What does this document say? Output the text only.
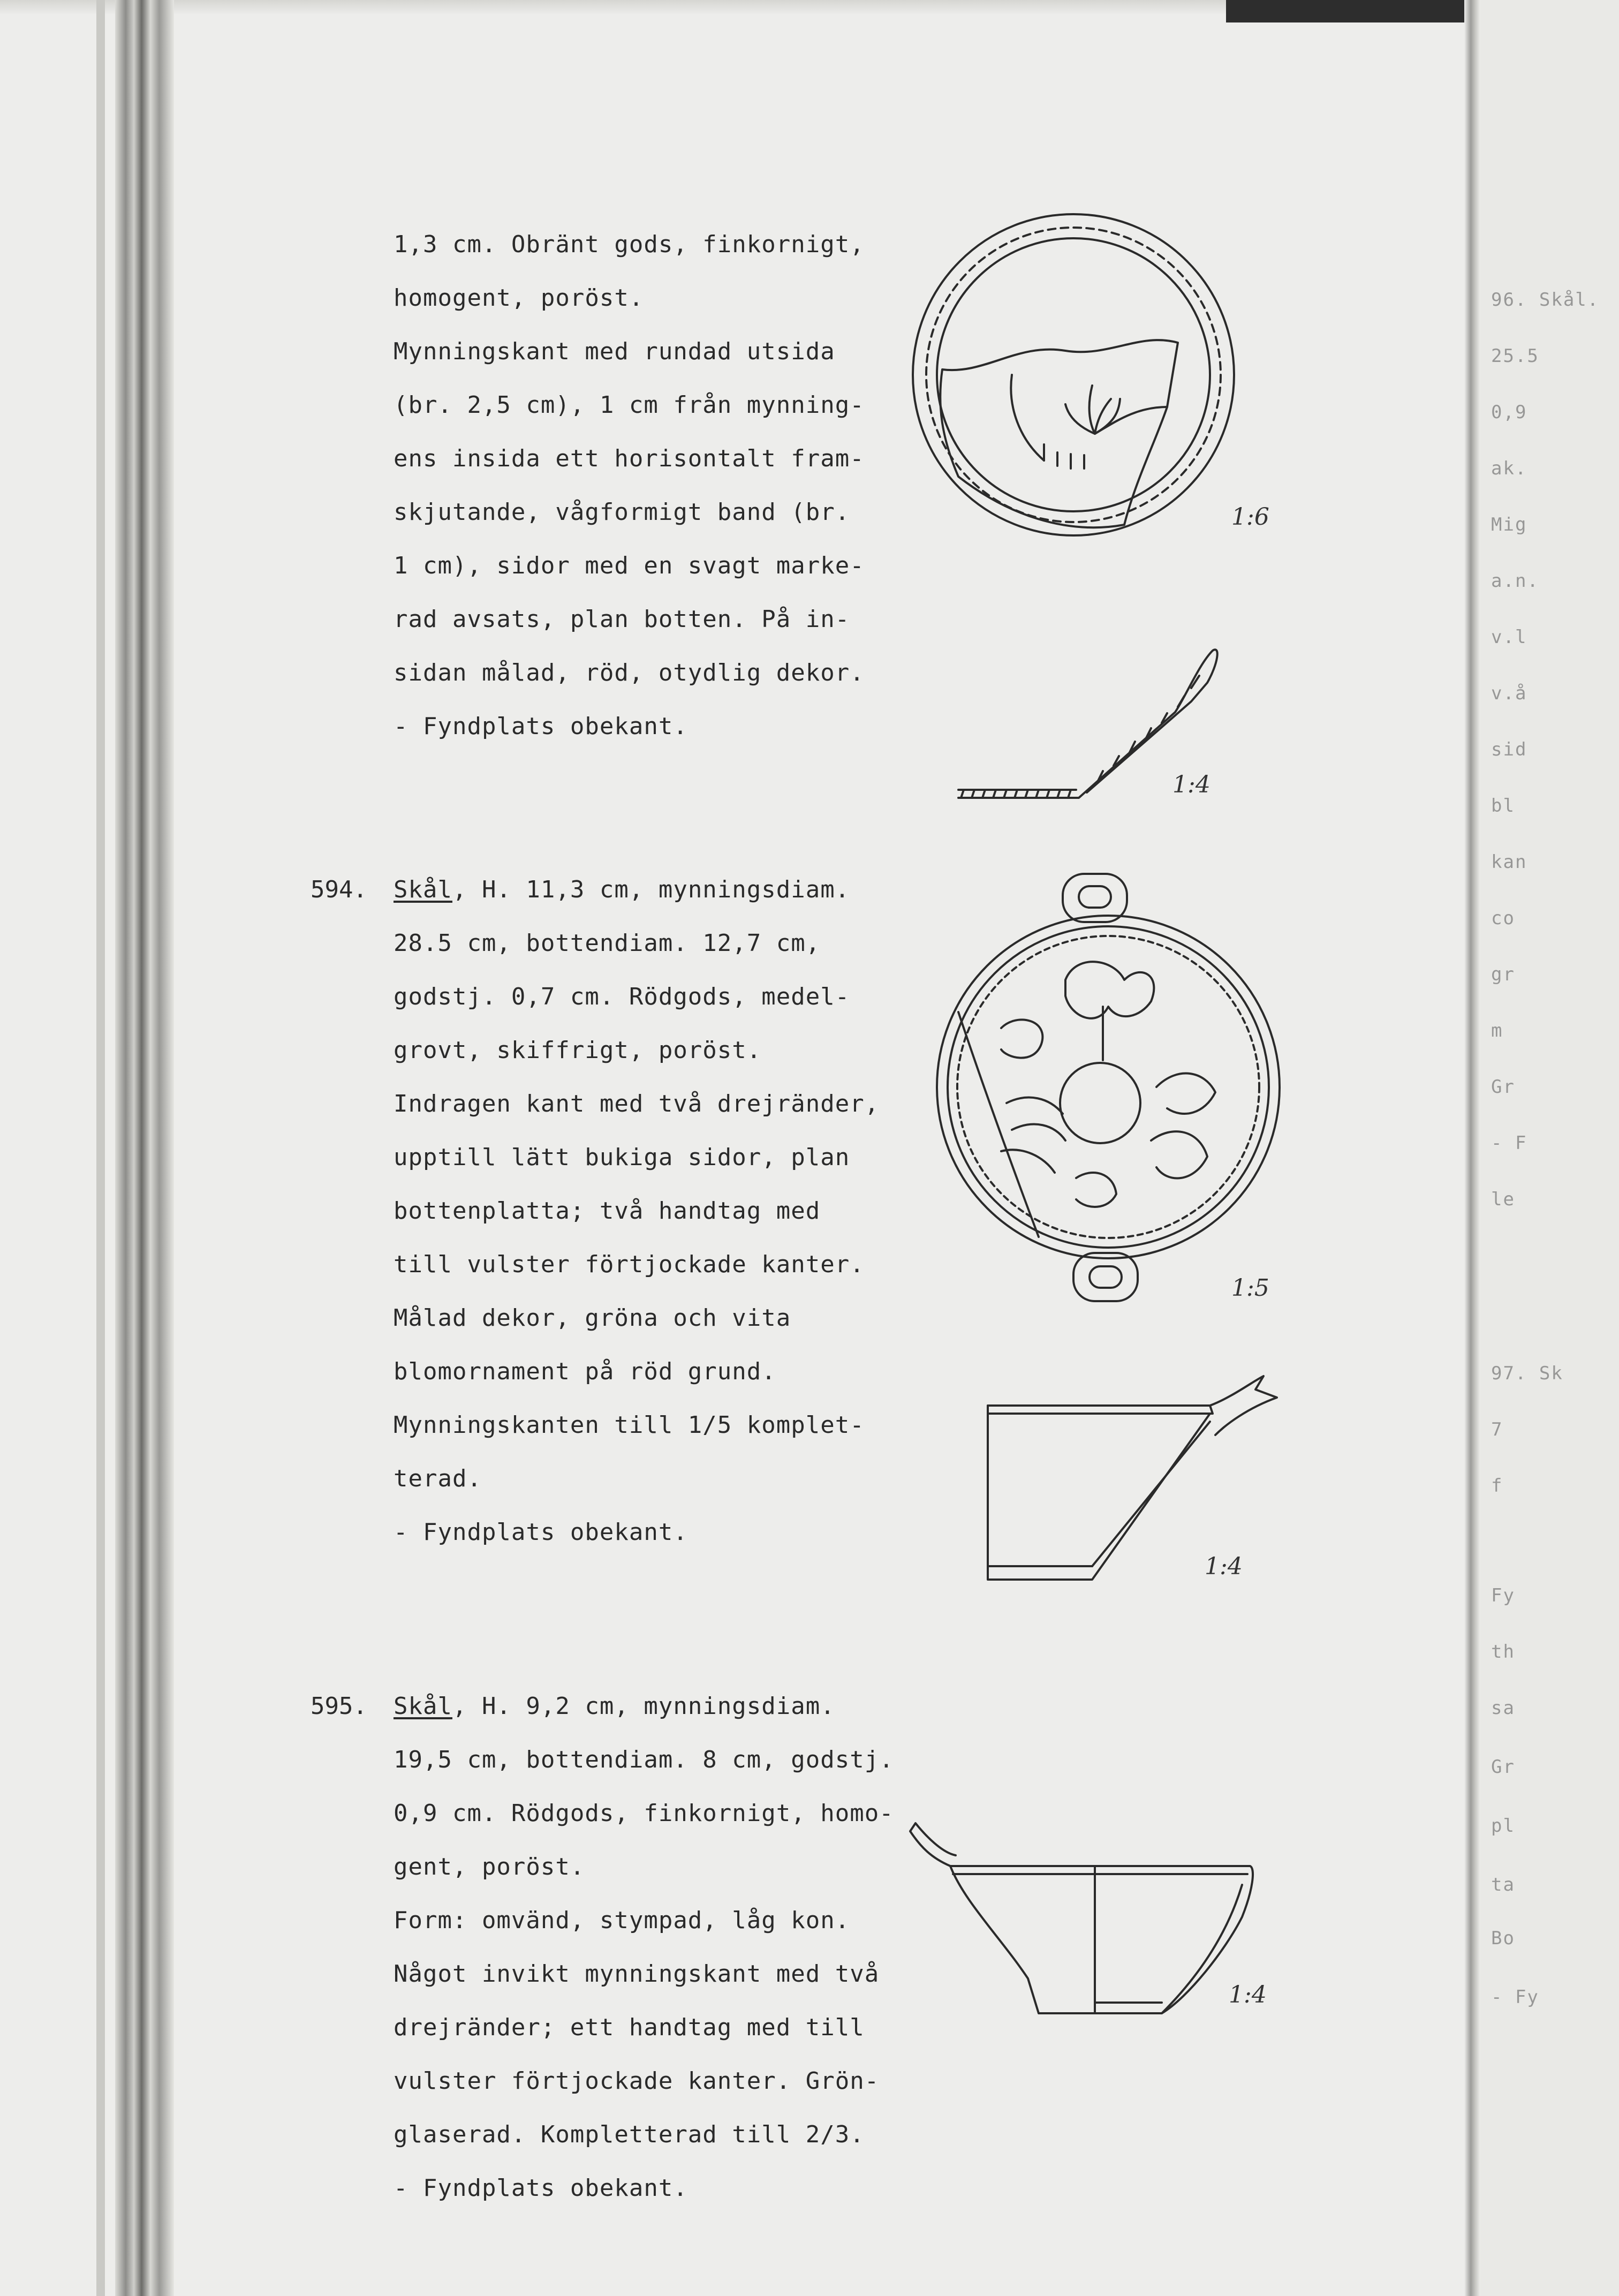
96. Skål.
25.5
0,9
ak.
Mig
a.n.
v.l
v.å
sid
bl
kan
co
gr
m
Gr
- F
le
97. Sk
7
f
Fy
th
sa
Gr
pl
ta
Bo
- Fy
1,3 cm. Obränt gods, finkornigt,
homogent, poröst.
Mynningskant med rundad utsida
(br. 2,5 cm), 1 cm från mynning-
ens insida ett horisontalt fram-
skjutande, vågformigt band (br.
1 cm), sidor med en svagt marke-
rad avsats, plan botten. På in-
sidan målad, röd, otydlig dekor.
- Fyndplats obekant.
594. Skål, H. 11,3 cm, mynningsdiam.
28.5 cm, bottendiam. 12,7 cm,
godstj. 0,7 cm. Rödgods, medel-
grovt, skiffrigt, poröst.
Indragen kant med två drejränder,
upptill lätt bukiga sidor, plan
bottenplatta; två handtag med
till vulster förtjockade kanter.
Målad dekor, gröna och vita
blomornament på röd grund.
Mynningskanten till 1/5 komplet-
terad.
- Fyndplats obekant.
595. Skål, H. 9,2 cm, mynningsdiam.
19,5 cm, bottendiam. 8 cm, godstj.
0,9 cm. Rödgods, finkornigt, homo-
gent, poröst.
Form: omvänd, stympad, låg kon.
Något invikt mynningskant med två
drejränder; ett handtag med till
vulster förtjockade kanter. Grön-
glaserad. Kompletterad till 2/3.
- Fyndplats obekant.
1:6
1:4
1:5
1:4
1:4
